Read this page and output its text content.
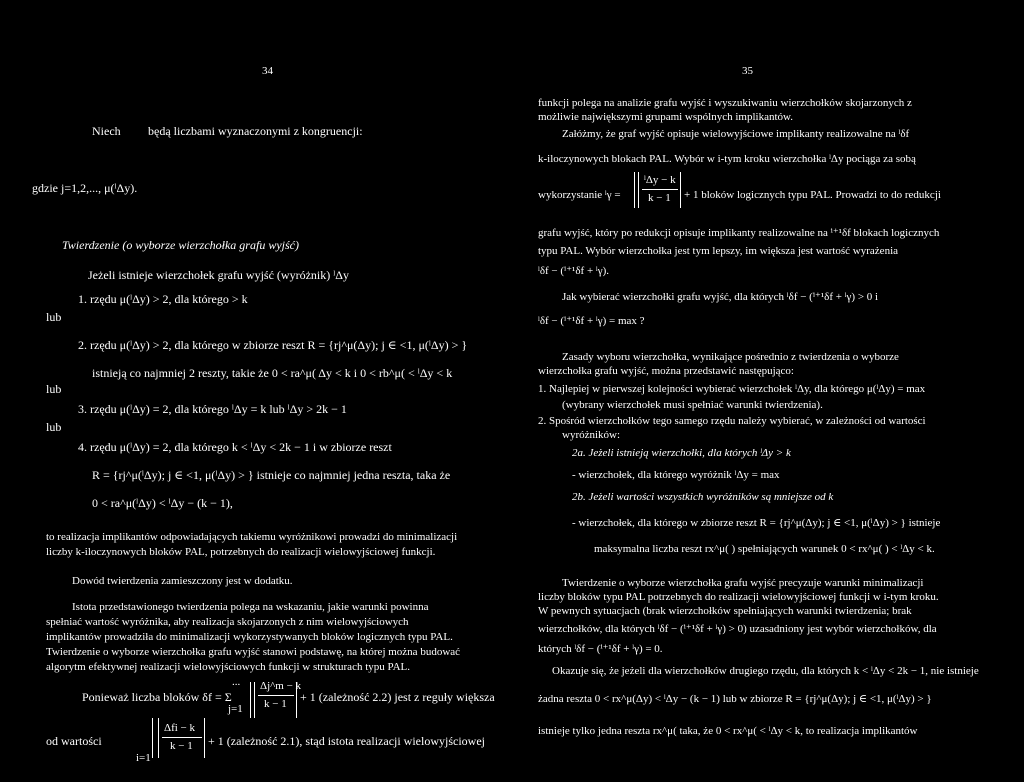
34
Niech będą liczbami wyznaczonymi z kongruencji:
gdzie j=1,2,..., μ(ˡΔy).
Twierdzenie (o wyborze wierzchołka grafu wyjść)
Jeżeli istnieje wierzchołek grafu wyjść (wyróżnik) ˡΔy
1. rzędu μ(ˡΔy) > 2, dla którego > k
lub
2. rzędu μ(ˡΔy) > 2, dla którego w zbiorze reszt R = {rj^μ(Δy); j ∈ <1, μ(ˡΔy) > }
istnieją co najmniej 2 reszty, takie że 0 < ra^μ( Δy < k i 0 < rb^μ( < ˡΔy < k
lub
3. rzędu μ(ˡΔy) = 2, dla którego ˡΔy = k lub ˡΔy > 2k − 1
lub
4. rzędu μ(ˡΔy) = 2, dla którego k < ˡΔy < 2k − 1 i w zbiorze reszt
R = {rj^μ(ˡΔy); j ∈ <1, μ(ˡΔy) > } istnieje co najmniej jedna reszta, taka że
0 < ra^μ(ˡΔy) < ˡΔy − (k − 1),
to realizacja implikantów odpowiadających takiemu wyróżnikowi prowadzi do minimalizacji
liczby k-iloczynowych bloków PAL, potrzebnych do realizacji wielowyjściowej funkcji.
Dowód twierdzenia zamieszczony jest w dodatku.
Istota przedstawionego twierdzenia polega na wskazaniu, jakie warunki powinna
spełniać wartość wyróżnika, aby realizacja skojarzonych z nim wielowyjściowych
implikantów prowadziła do minimalizacji wykorzystywanych bloków logicznych typu PAL.
Twierdzenie o wyborze wierzchołka grafu wyjść stanowi podstawę, na której można budować
algorytm efektywnej realizacji wielowyjściowych funkcji w strukturach typu PAL.
Ponieważ liczba bloków δf = Σ
...
j=1
Δj^m − k
k − 1 + 1 (zależność 2.2) jest z reguły większa
od wartości
i=1
Δfi − k
k − 1 + 1 (zależność 2.1), stąd istota realizacji wielowyjściowej
35
funkcji polega na analizie grafu wyjść i wyszukiwaniu wierzchołków skojarzonych z
możliwie największymi grupami wspólnych implikantów.
Załóżmy, że graf wyjść opisuje wielowyjściowe implikanty realizowalne na ˡδf
k-iloczynowych blokach PAL. Wybór w i-tym kroku wierzchołka ˡΔy pociąga za sobą
wykorzystanie ˡγ =
ˡΔy − k
k − 1 + 1 bloków logicznych typu PAL. Prowadzi to do redukcji
grafu wyjść, który po redukcji opisuje implikanty realizowalne na ⁱ⁺¹δf blokach logicznych
typu PAL. Wybór wierzchołka jest tym lepszy, im większa jest wartość wyrażenia
ˡδf − (ⁱ⁺¹δf + ˡγ).
Jak wybierać wierzchołki grafu wyjść, dla których ˡδf − (ⁱ⁺¹δf + ˡγ) > 0 i
ˡδf − (ⁱ⁺¹δf + ˡγ) = max ?
Zasady wyboru wierzchołka, wynikające pośrednio z twierdzenia o wyborze
wierzchołka grafu wyjść, można przedstawić następująco:
1. Najlepiej w pierwszej kolejności wybierać wierzchołek ˡΔy, dla którego μ(ˡΔy) = max
(wybrany wierzchołek musi spełniać warunki twierdzenia).
2. Spośród wierzchołków tego samego rzędu należy wybierać, w zależności od wartości
wyróżników:
2a. Jeżeli istnieją wierzchołki, dla których ˡΔy > k
- wierzchołek, dla którego wyróżnik ˡΔy = max
2b. Jeżeli wartości wszystkich wyróżników są mniejsze od k
- wierzchołek, dla którego w zbiorze reszt R = {rj^μ(Δy); j ∈ <1, μ(ˡΔy) > } istnieje
maksymalna liczba reszt rx^μ( ) spełniających warunek 0 < rx^μ( ) < ˡΔy < k.
Twierdzenie o wyborze wierzchołka grafu wyjść precyzuje warunki minimalizacji
liczby bloków typu PAL potrzebnych do realizacji wielowyjściowej funkcji w i-tym kroku.
W pewnych sytuacjach (brak wierzchołków spełniających warunki twierdzenia; brak
wierzchołków, dla których ˡδf − (ⁱ⁺¹δf + ˡγ) > 0) uzasadniony jest wybór wierzchołków, dla
których ˡδf − (ⁱ⁺¹δf + ˡγ) = 0.
Okazuje się, że jeżeli dla wierzchołków drugiego rzędu, dla których k < ˡΔy < 2k − 1, nie istnieje
żadna reszta 0 < rx^μ(Δy) < ˡΔy − (k − 1) lub w zbiorze R = {rj^μ(Δy); j ∈ <1, μ(ˡΔy) > }
istnieje tylko jedna reszta rx^μ( taka, że 0 < rx^μ( < ˡΔy < k, to realizacja implikantów
